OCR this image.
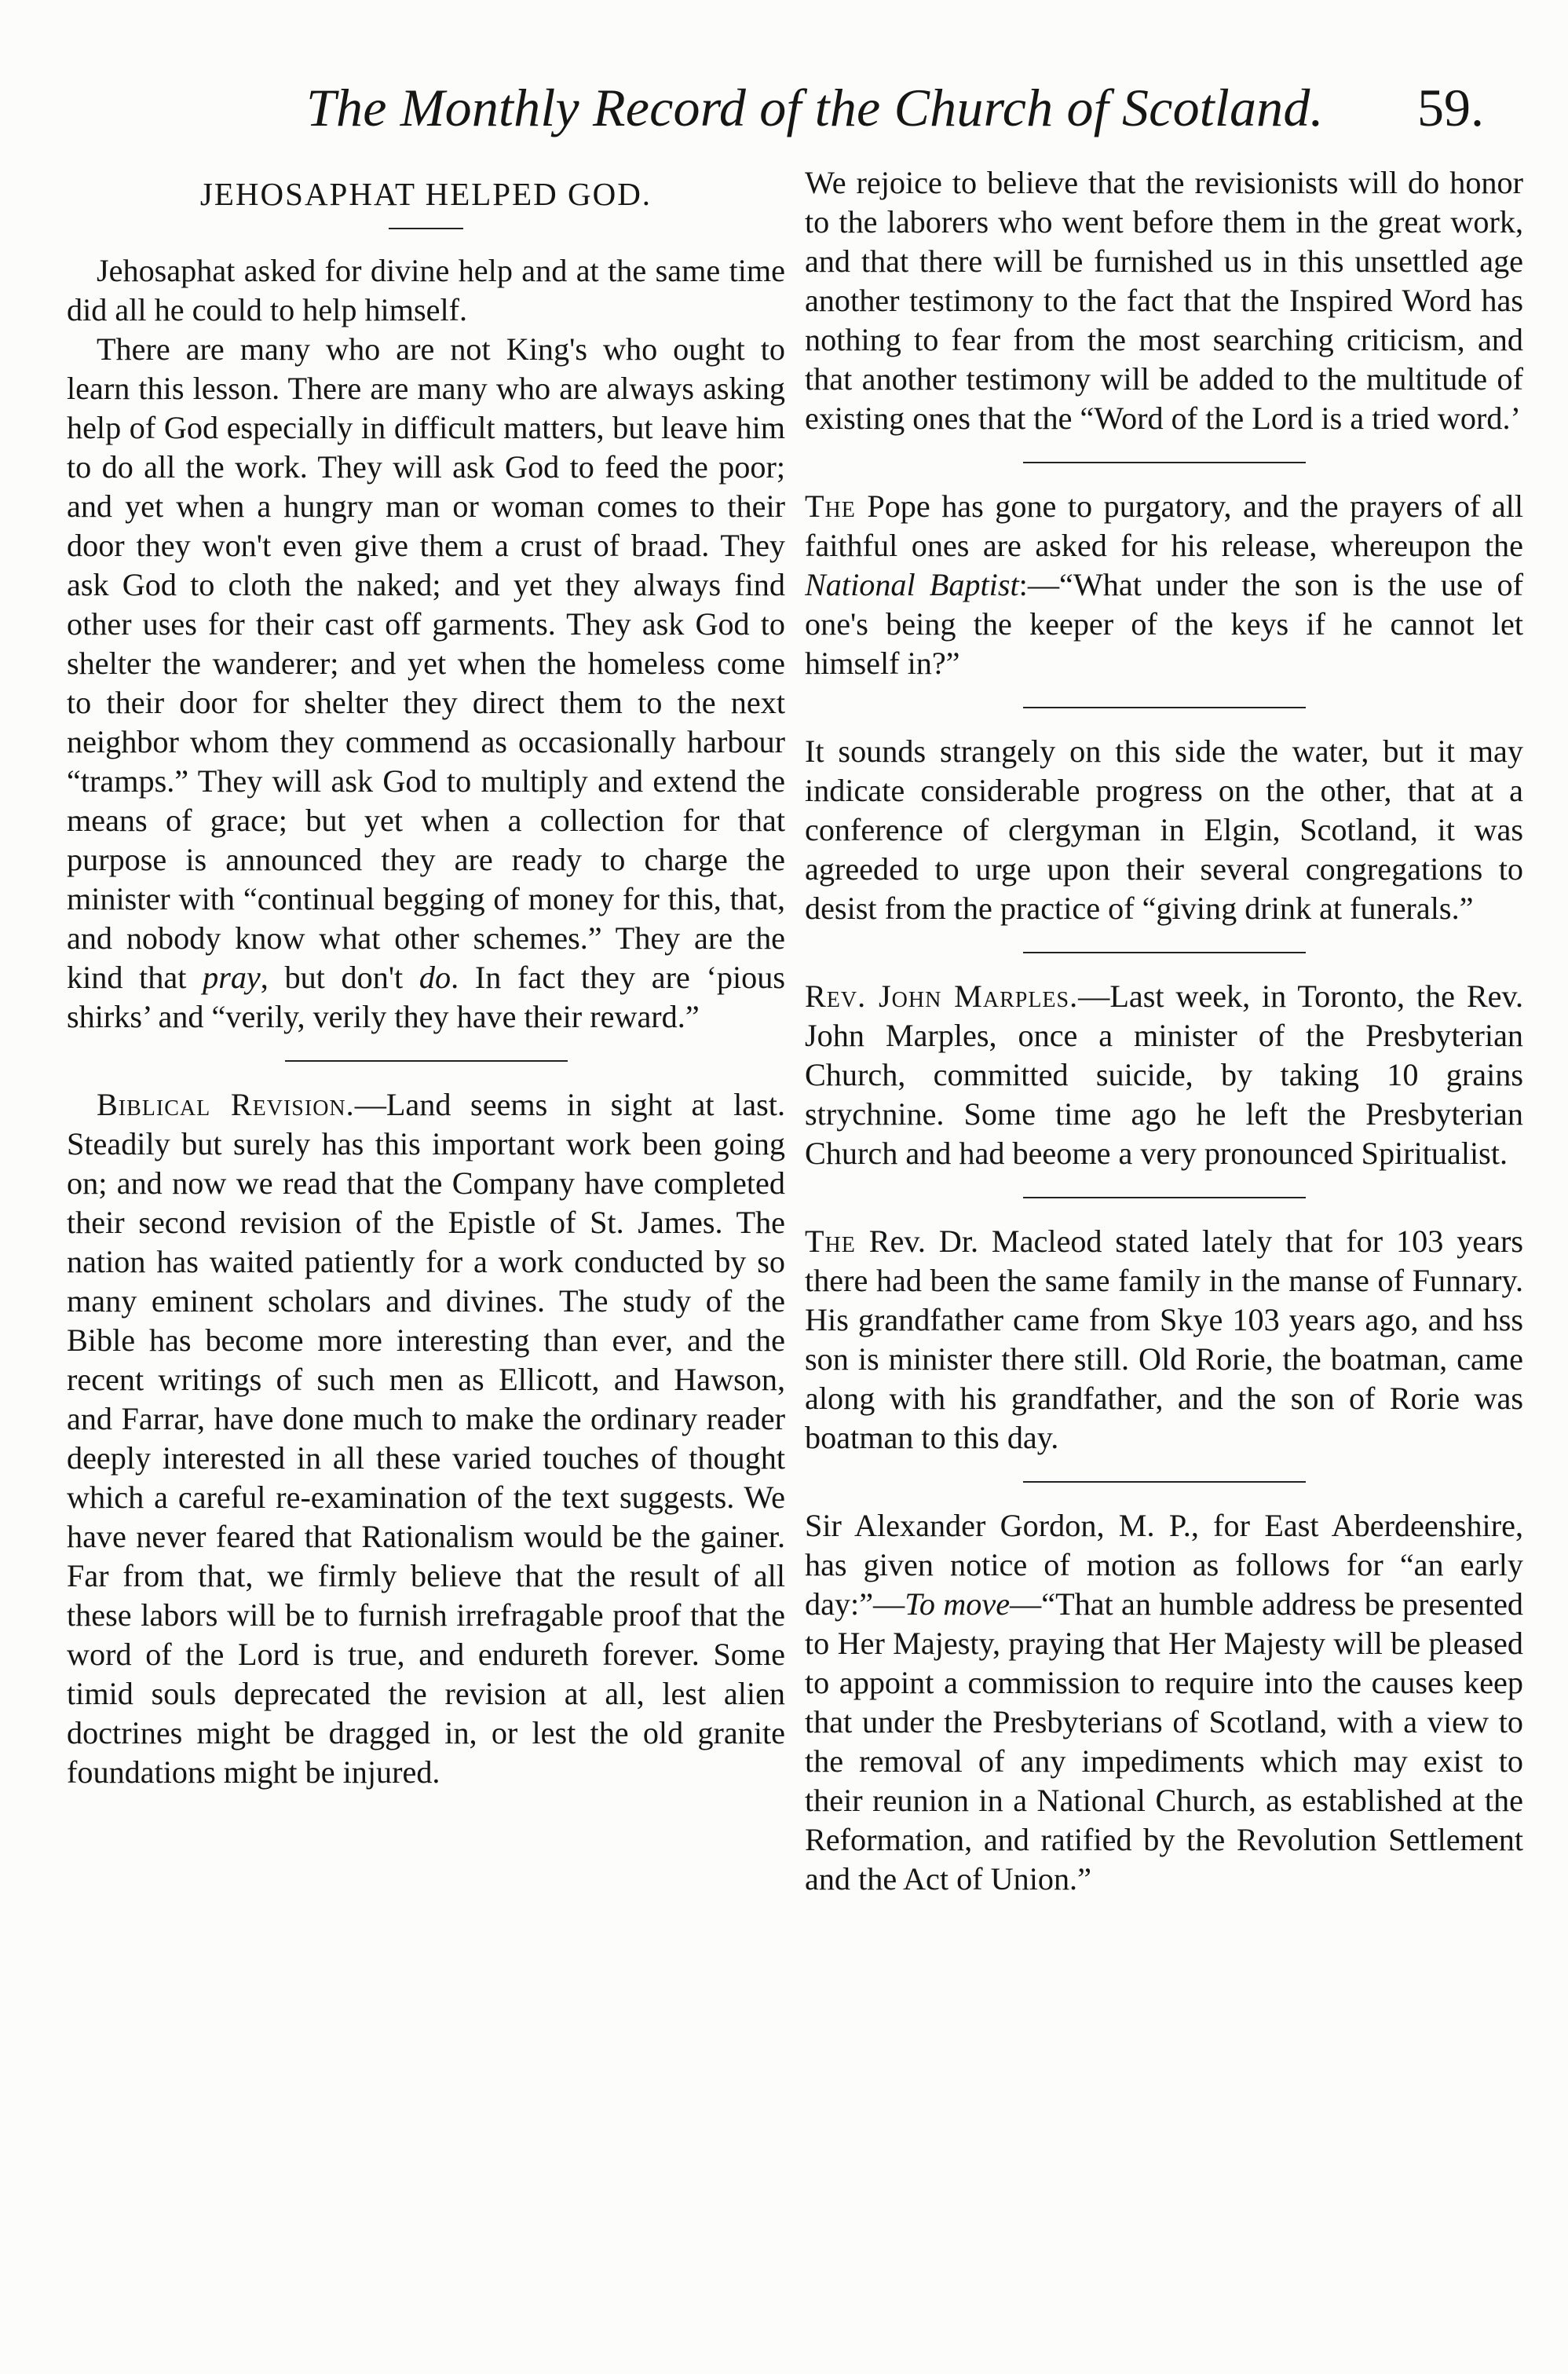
The Monthly Record of the Church of Scotland. 59.
JEHOSAPHAT HELPED GOD.

Jehosaphat asked for divine help and at the same time did all he could to help himself.

There are many who are not King's who ought to learn this lesson. There are many who are always asking help of God especially in difficult matters, but leave him to do all the work. They will ask God to feed the poor; and yet when a hungry man or woman comes to their door they won't even give them a crust of braad. They ask God to cloth the naked; and yet they always find other uses for their cast off garments. They ask God to shelter the wanderer; and yet when the homeless come to their door for shelter they direct them to the next neighbor whom they commend as occasionally harbour “tramps.” They will ask God to multiply and extend the means of grace; but yet when a collection for that purpose is announced they are ready to charge the minister with “continual begging of money for this, that, and nobody know what other schemes.” They are the kind that pray, but don't do. In fact they are ‘pious shirks’ and “verily, verily they have their reward.”

Biblical Revision.—Land seems in sight at last. Steadily but surely has this important work been going on; and now we read that the Company have completed their second revision of the Epistle of St. James. The nation has waited patiently for a work conducted by so many eminent scholars and divines. The study of the Bible has become more interesting than ever, and the recent writings of such men as Ellicott, and Hawson, and Farrar, have done much to make the ordinary reader deeply interested in all these varied touches of thought which a careful re-examination of the text suggests. We have never feared that Rationalism would be the gainer. Far from that, we firmly believe that the result of all these labors will be to furnish irrefragable proof that the word of the Lord is true, and endureth forever. Some timid souls deprecated the revision at all, lest alien doctrines might be dragged in, or lest the old granite foundations might be injured.

We rejoice to believe that the revisionists will do honor to the laborers who went before them in the great work, and that there will be furnished us in this unsettled age another testimony to the fact that the Inspired Word has nothing to fear from the most searching criticism, and that another testimony will be added to the multitude of existing ones that the “Word of the Lord is a tried word.’

The Pope has gone to purgatory, and the prayers of all faithful ones are asked for his release, whereupon the National Baptist:—“What under the son is the use of one's being the keeper of the keys if he cannot let himself in?”

It sounds strangely on this side the water, but it may indicate considerable progress on the other, that at a conference of clergyman in Elgin, Scotland, it was agreeded to urge upon their several congregations to desist from the practice of “giving drink at funerals.”

Rev. John Marples.—Last week, in Toronto, the Rev. John Marples, once a minister of the Presbyterian Church, committed suicide, by taking 10 grains strychnine. Some time ago he left the Presbyterian Church and had beeome a very pronounced Spiritualist.

The Rev. Dr. Macleod stated lately that for 103 years there had been the same family in the manse of Funnary. His grandfather came from Skye 103 years ago, and hss son is minister there still. Old Rorie, the boatman, came along with his grandfather, and the son of Rorie was boatman to this day.

Sir Alexander Gordon, M. P., for East Aberdeenshire, has given notice of motion as follows for “an early day:”—To move—“That an humble address be presented to Her Majesty, praying that Her Majesty will be pleased to appoint a commission to require into the causes keep that under the Presbyterians of Scotland, with a view to the removal of any impediments which may exist to their reunion in a National Church, as established at the Reformation, and ratified by the Revolution Settlement and the Act of Union.”
